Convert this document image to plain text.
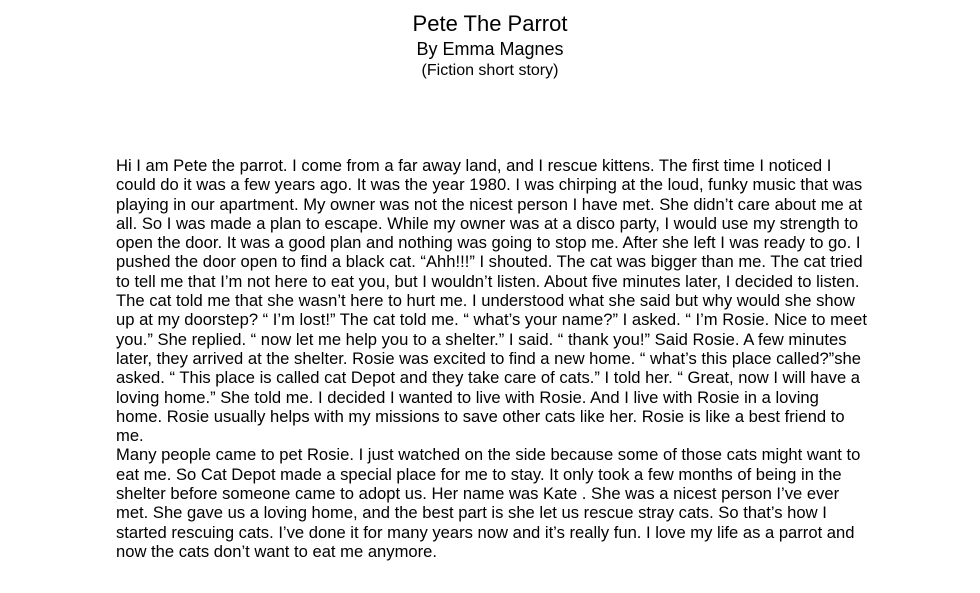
Pete The Parrot

By Emma Magnes

(Fiction short story)

Hi I am Pete the parrot. I come from a far away land, and I rescue kittens. The first time I noticed I could do it was a few years ago. It was the year 1980. I was chirping at the loud, funky music that was playing in our apartment. My owner was not the nicest person I have met. She didn’t care about me at all. So I was made a plan to escape. While my owner was at a disco party, I would use my strength to open the door. It was a good plan and nothing was going to stop me. After she left I was ready to go. I pushed the door open to find a black cat. “Ahh!!!” I shouted. The cat was bigger than me. The cat tried to tell me that I’m not here to eat you, but I wouldn’t listen. About five minutes later, I decided to listen. The cat told me that she wasn’t here to hurt me. I understood what she said but why would she show up at my doorstep? “ I’m lost!” The cat told me. “ what’s your name?” I asked. “ I’m Rosie. Nice to meet you.” She replied. “ now let me help you to a shelter.” I said. “ thank you!” Said Rosie. A few minutes later, they arrived at the shelter. Rosie was excited to find a new home. “ what’s this place called?”she asked. “ This place is called cat Depot and they take care of cats.” I told her. “ Great, now I will have a loving home.” She told me. I decided I wanted to live with Rosie. And I live with Rosie in a loving home. Rosie usually helps with my missions to save other cats like her. Rosie is like a best friend to me.

Many people came to pet Rosie. I just watched on the side because some of those cats might want to eat me. So Cat Depot made a special place for me to stay. It only took a few months of being in the shelter before someone came to adopt us. Her name was Kate . She was a nicest person I’ve ever met. She gave us a loving home, and the best part is she let us rescue stray cats. So that’s how I started rescuing cats. I’ve done it for many years now and it’s really fun. I love my life as a parrot and now the cats don’t want to eat me anymore.
